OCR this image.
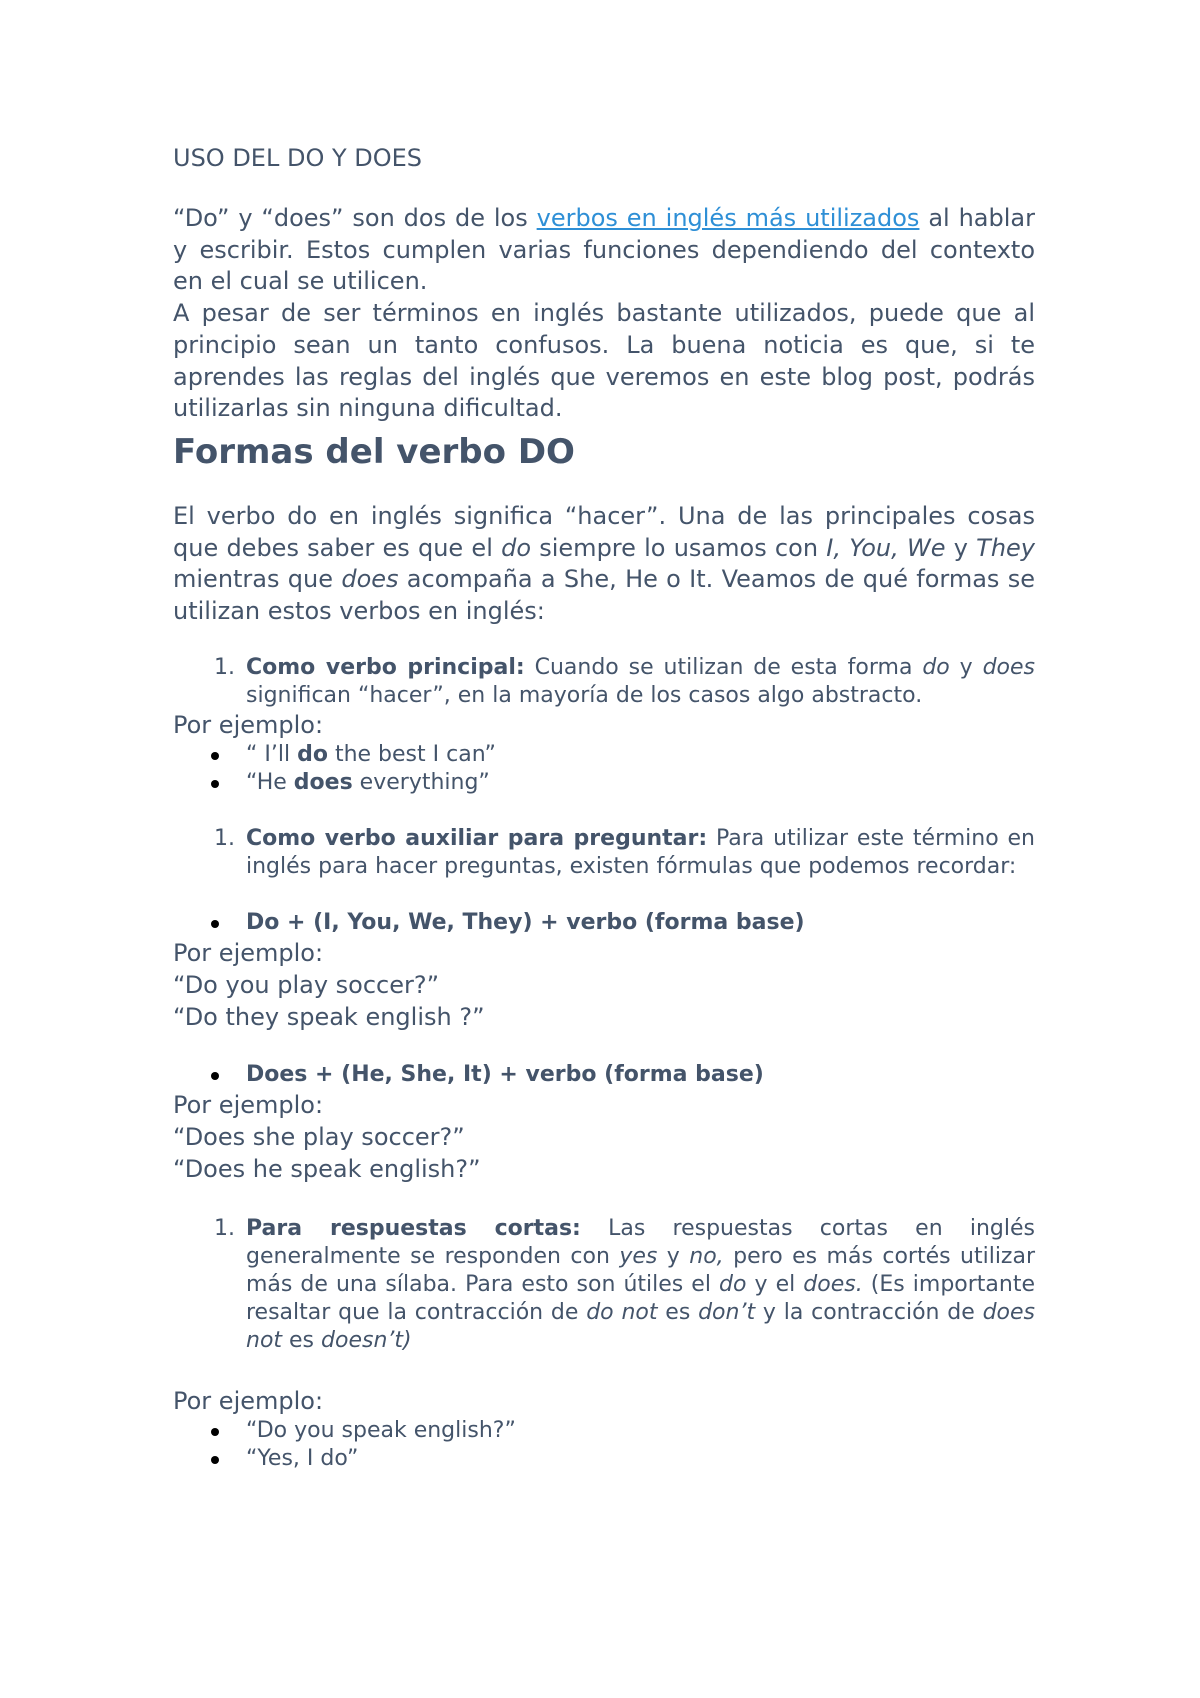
USO DEL DO Y DOES

“Do” y “does” son dos de los verbos en inglés más utilizados al hablar y escribir. Estos cumplen varias funciones dependiendo del contexto en el cual se utilicen.

A pesar de ser términos en inglés bastante utilizados, puede que al principio sean un tanto confusos. La buena noticia es que, si te aprendes las reglas del inglés que veremos en este blog post, podrás utilizarlas sin ninguna dificultad.

Formas del verbo DO

El verbo do en inglés significa “hacer”. Una de las principales cosas que debes saber es que el do siempre lo usamos con I, You, We y They mientras que does acompaña a She, He o It. Veamos de qué formas se utilizan estos verbos en inglés:

1. Como verbo principal: Cuando se utilizan de esta forma do y does significan “hacer”, en la mayoría de los casos algo abstracto.

Por ejemplo:

“ I’ll do the best I can”
“He does everything”
1. Como verbo auxiliar para preguntar: Para utilizar este término en inglés para hacer preguntas, existen fórmulas que podemos recordar:
Do + (I, You, We, They) + verbo (forma base)
Por ejemplo:
“Do you play soccer?”
“Do they speak english ?”
Does + (He, She, It) + verbo (forma base)
Por ejemplo:
“Does she play soccer?”
“Does he speak english?”
1. Para respuestas cortas: Las respuestas cortas en inglés generalmente se responden con yes y no, pero es más cortés utilizar más de una sílaba. Para esto son útiles el do y el does. (Es importante resaltar que la contracción de do not es don’t y la contracción de does not es doesn’t)
Por ejemplo:
“Do you speak english?”
“Yes, I do”
